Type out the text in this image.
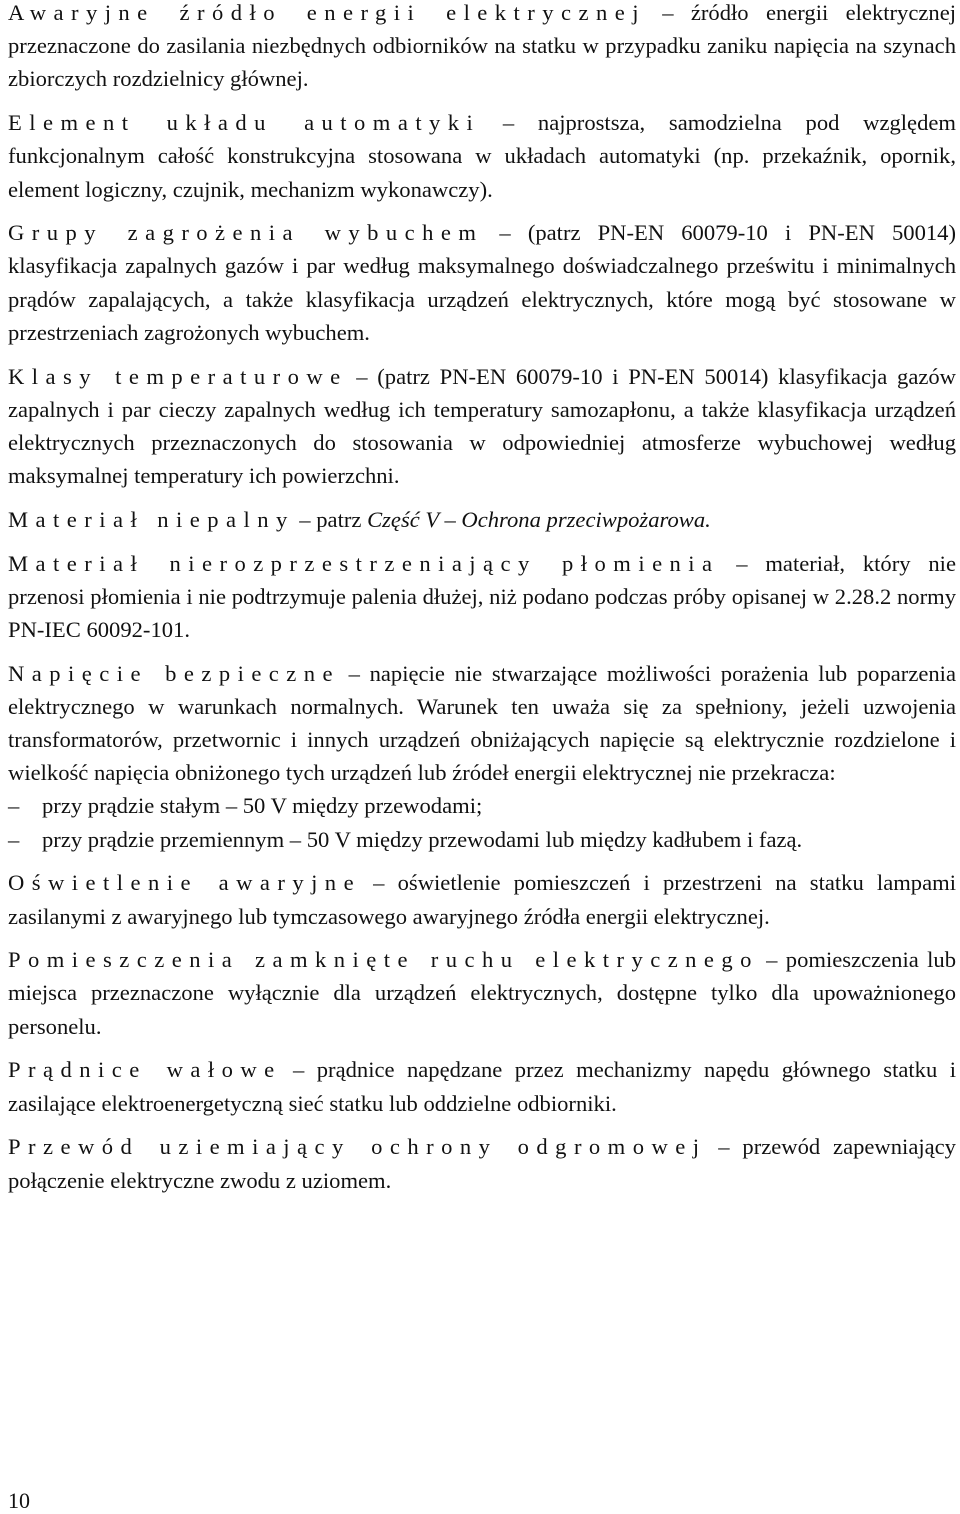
Awaryjne źródło energii elektrycznej – źródło energii elektrycznej przeznaczone do zasilania niezbędnych odbiorników na statku w przypadku zaniku napięcia na szynach zbiorczych rozdzielnicy głównej.

Element układu automatyki – najprostsza, samodzielna pod względem funkcjonalnym całość konstrukcyjna stosowana w układach automatyki (np. przekaźnik, opornik, element logiczny, czujnik, mechanizm wykonawczy).

Grupy zagrożenia wybuchem – (patrz PN-EN 60079-10 i PN-EN 50014) klasyfikacja zapalnych gazów i par według maksymalnego doświadczalnego prześwitu i minimalnych prądów zapalających, a także klasyfikacja urządzeń elektrycznych, które mogą być stosowane w przestrzeniach zagrożonych wybuchem.

Klasy temperaturowe – (patrz PN-EN 60079-10 i PN-EN 50014) klasyfikacja gazów zapalnych i par cieczy zapalnych według ich temperatury samozapłonu, a także klasyfikacja urządzeń elektrycznych przeznaczonych do stosowania w odpowiedniej atmosferze wybuchowej według maksymalnej temperatury ich powierzchni.

Materiał niepalny – patrz Część V – Ochrona przeciwpożarowa.

Materiał nierozprzestrzeniający płomienia – materiał, który nie przenosi płomienia i nie podtrzymuje palenia dłużej, niż podano podczas próby opisanej w 2.28.2 normy PN-IEC 60092-101.

Napięcie bezpieczne – napięcie nie stwarzające możliwości porażenia lub poparzenia elektrycznego w warunkach normalnych. Warunek ten uważa się za spełniony, jeżeli uzwojenia transformatorów, przetwornic i innych urządzeń obniżających napięcie są elektrycznie rozdzielone i wielkość napięcia obniżonego tych urządzeń lub źródeł energii elektrycznej nie przekracza:
– przy prądzie stałym – 50 V między przewodami;
– przy prądzie przemiennym – 50 V między przewodami lub między kadłubem i fazą.

Oświetlenie awaryjne – oświetlenie pomieszczeń i przestrzeni na statku lampami zasilanymi z awaryjnego lub tymczasowego awaryjnego źródła energii elektrycznej.

Pomieszczenia zamknięte ruchu elektrycznego – pomieszczenia lub miejsca przeznaczone wyłącznie dla urządzeń elektrycznych, dostępne tylko dla upoważnionego personelu.

Prądnice wałowe – prądnice napędzane przez mechanizmy napędu głównego statku i zasilające elektroenergetyczną sieć statku lub oddzielne odbiorniki.

Przewód uziemiający ochrony odgromowej – przewód zapewniający połączenie elektryczne zwodu z uziomem.

10
